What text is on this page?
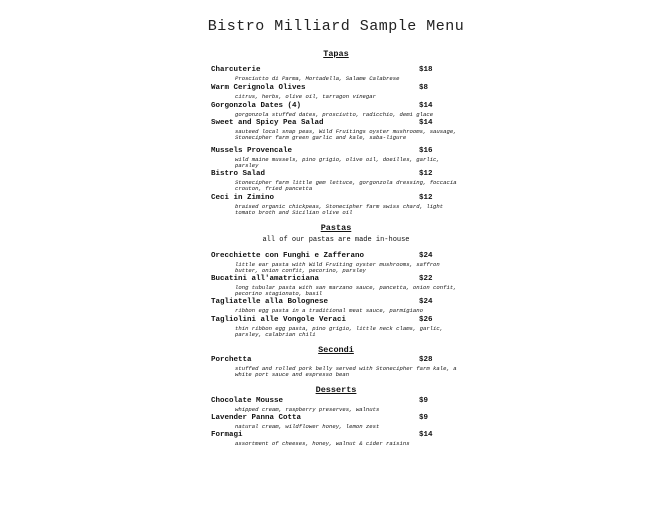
Bistro Milliard Sample Menu
Tapas
Charcuterie	$18
Prosciutto di Parma, Mortadella, Salame Calabrese
Warm Cerignola Olives	$8
citrus, herbs, olive oil, tarragon vinegar
Gorgonzola Dates (4)	$14
gorgonzola stuffed dates, prosciutto, radicchio, demi glace
Sweet and Spicy Pea Salad	$14
sauteed local snap peas, Wild Fruitings oyster mushrooms, sausage, Stonecipher farm green garlic and kale, saba-ligure
Mussels Provencale	$16
wild maine mussels, pino grigio, olive oil, doeilles, garlic, parsley
Bistro Salad	$12
Stonecipher farm little gem lettuce, gorgonzola dressing, foccacia crouton, fried pancetta
Ceci in Zimino	$12
braised organic chickpeas, Stonecipher farm swiss chard, light tomato broth and Sicilian olive oil
Pastas
all of our pastas are made in-house
Orecchiette con Funghi e Zafferano	$24
little ear pasta with Wild Fruiting oyster mushrooms, saffron butter, onion confit, pecorino, parsley
Bucatini all'amatriciana	$22
long tubular pasta with san marzano sauce, pancetta, onion confit, pecorino stagionato, basil
Tagliatelle alla Bolognese	$24
ribbon egg pasta in a traditional meat sauce, parmigiano
Tagliolini alle Vongole Veraci	$26
thin ribbon egg pasta, pino grigio, little neck clams, garlic, parsley, calabrian chili
Secondi
Porchetta	$28
stuffed and rolled pork belly served with Stonecipher farm kale, a white port sauce and espresso bean
Desserts
Chocolate Mousse	$9
whipped cream, raspberry preserves, walnuts
Lavender Panna Cotta	$9
natural cream, wildflower honey, lemon zest
Formagi	$14
assortment of cheeses, honey, walnut & cider raisins
